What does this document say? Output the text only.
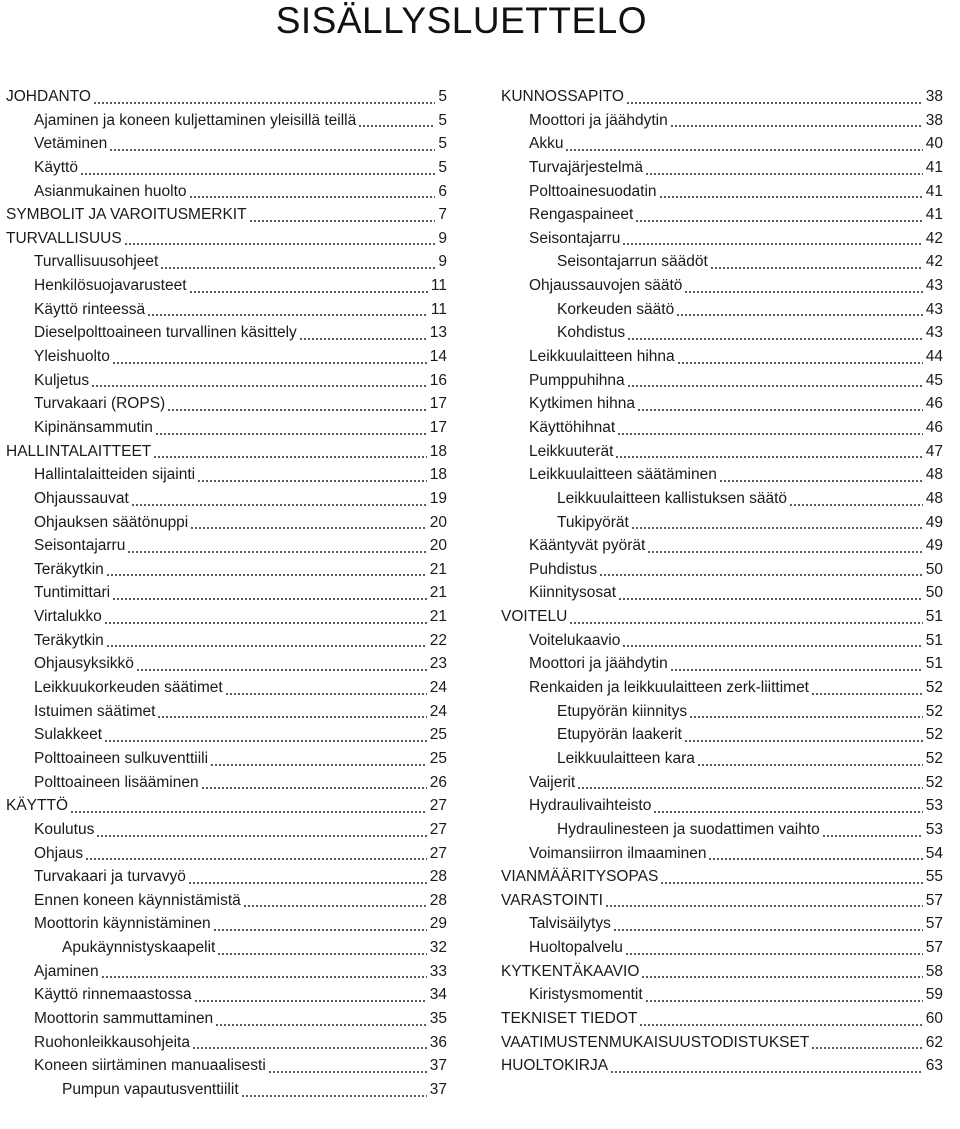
SISÄLLYSLUETTELO
JOHDANTO	5
Ajaminen ja koneen kuljettaminen yleisillä teillä	5
Vetäminen	5
Käyttö	5
Asianmukainen huolto	6
SYMBOLIT JA VAROITUSMERKIT	7
TURVALLISUUS	9
Turvallisuusohjeet	9
Henkilösuojavarusteet	11
Käyttö rinteessä	11
Dieselpolttoaineen turvallinen käsittely	13
Yleishuolto	14
Kuljetus	16
Turvakaari (ROPS)	17
Kipinänsammutin	17
HALLINTALAITTEET	18
Hallintalaitteiden sijainti	18
Ohjaussauvat	19
Ohjauksen säätönuppi	20
Seisontajarru	20
Teräkytkin	21
Tuntimittari	21
Virtalukko	21
Teräkytkin	22
Ohjausyksikkö	23
Leikkuukorkeuden säätimet	24
Istuimen säätimet	24
Sulakkeet	25
Polttoaineen sulkuventtiili	25
Polttoaineen lisääminen	26
KÄYTTÖ	27
Koulutus	27
Ohjaus	27
Turvakaari ja turvavyö	28
Ennen koneen käynnistämistä	28
Moottorin käynnistäminen	29
Apukäynnistyskaapelit	32
Ajaminen	33
Käyttö rinnemaastossa	34
Moottorin sammuttaminen	35
Ruohonleikkausohjeita	36
Koneen siirtäminen manuaalisesti	37
Pumpun vapautusventtiilit	37
KUNNOSSAPITO	38
Moottori ja jäähdytin	38
Akku	40
Turvajärjestelmä	41
Polttoainesuodatin	41
Rengaspaineet	41
Seisontajarru	42
Seisontajarrun säädöt	42
Ohjaussauvojen säätö	43
Korkeuden säätö	43
Kohdistus	43
Leikkuulaitteen hihna	44
Pumppuhihna	45
Kytkimen hihna	46
Käyttöhihnat	46
Leikkuuterät	47
Leikkuulaitteen säätäminen	48
Leikkuulaitteen kallistuksen säätö	48
Tukipyörät	49
Kääntyvät pyörät	49
Puhdistus	50
Kiinnitysosat	50
VOITELU	51
Voitelukaavio	51
Moottori ja jäähdytin	51
Renkaiden ja leikkuulaitteen zerk-liittimet	52
Etupyörän kiinnitys	52
Etupyörän laakerit	52
Leikkuulaitteen kara	52
Vaijerit	52
Hydraulivaihteisto	53
Hydraulinesteen ja suodattimen vaihto	53
Voimansiirron ilmaaminen	54
VIANMÄÄRITYSOPAS	55
VARASTOINTI	57
Talvisäilytys	57
Huoltopalvelu	57
KYTKENTÄKAAVIO	58
Kiristysmomentit	59
TEKNISET TIEDOT	60
VAATIMUSTENMUKAISUUSTODISTUKSET	62
HUOLTOKIRJA	63
